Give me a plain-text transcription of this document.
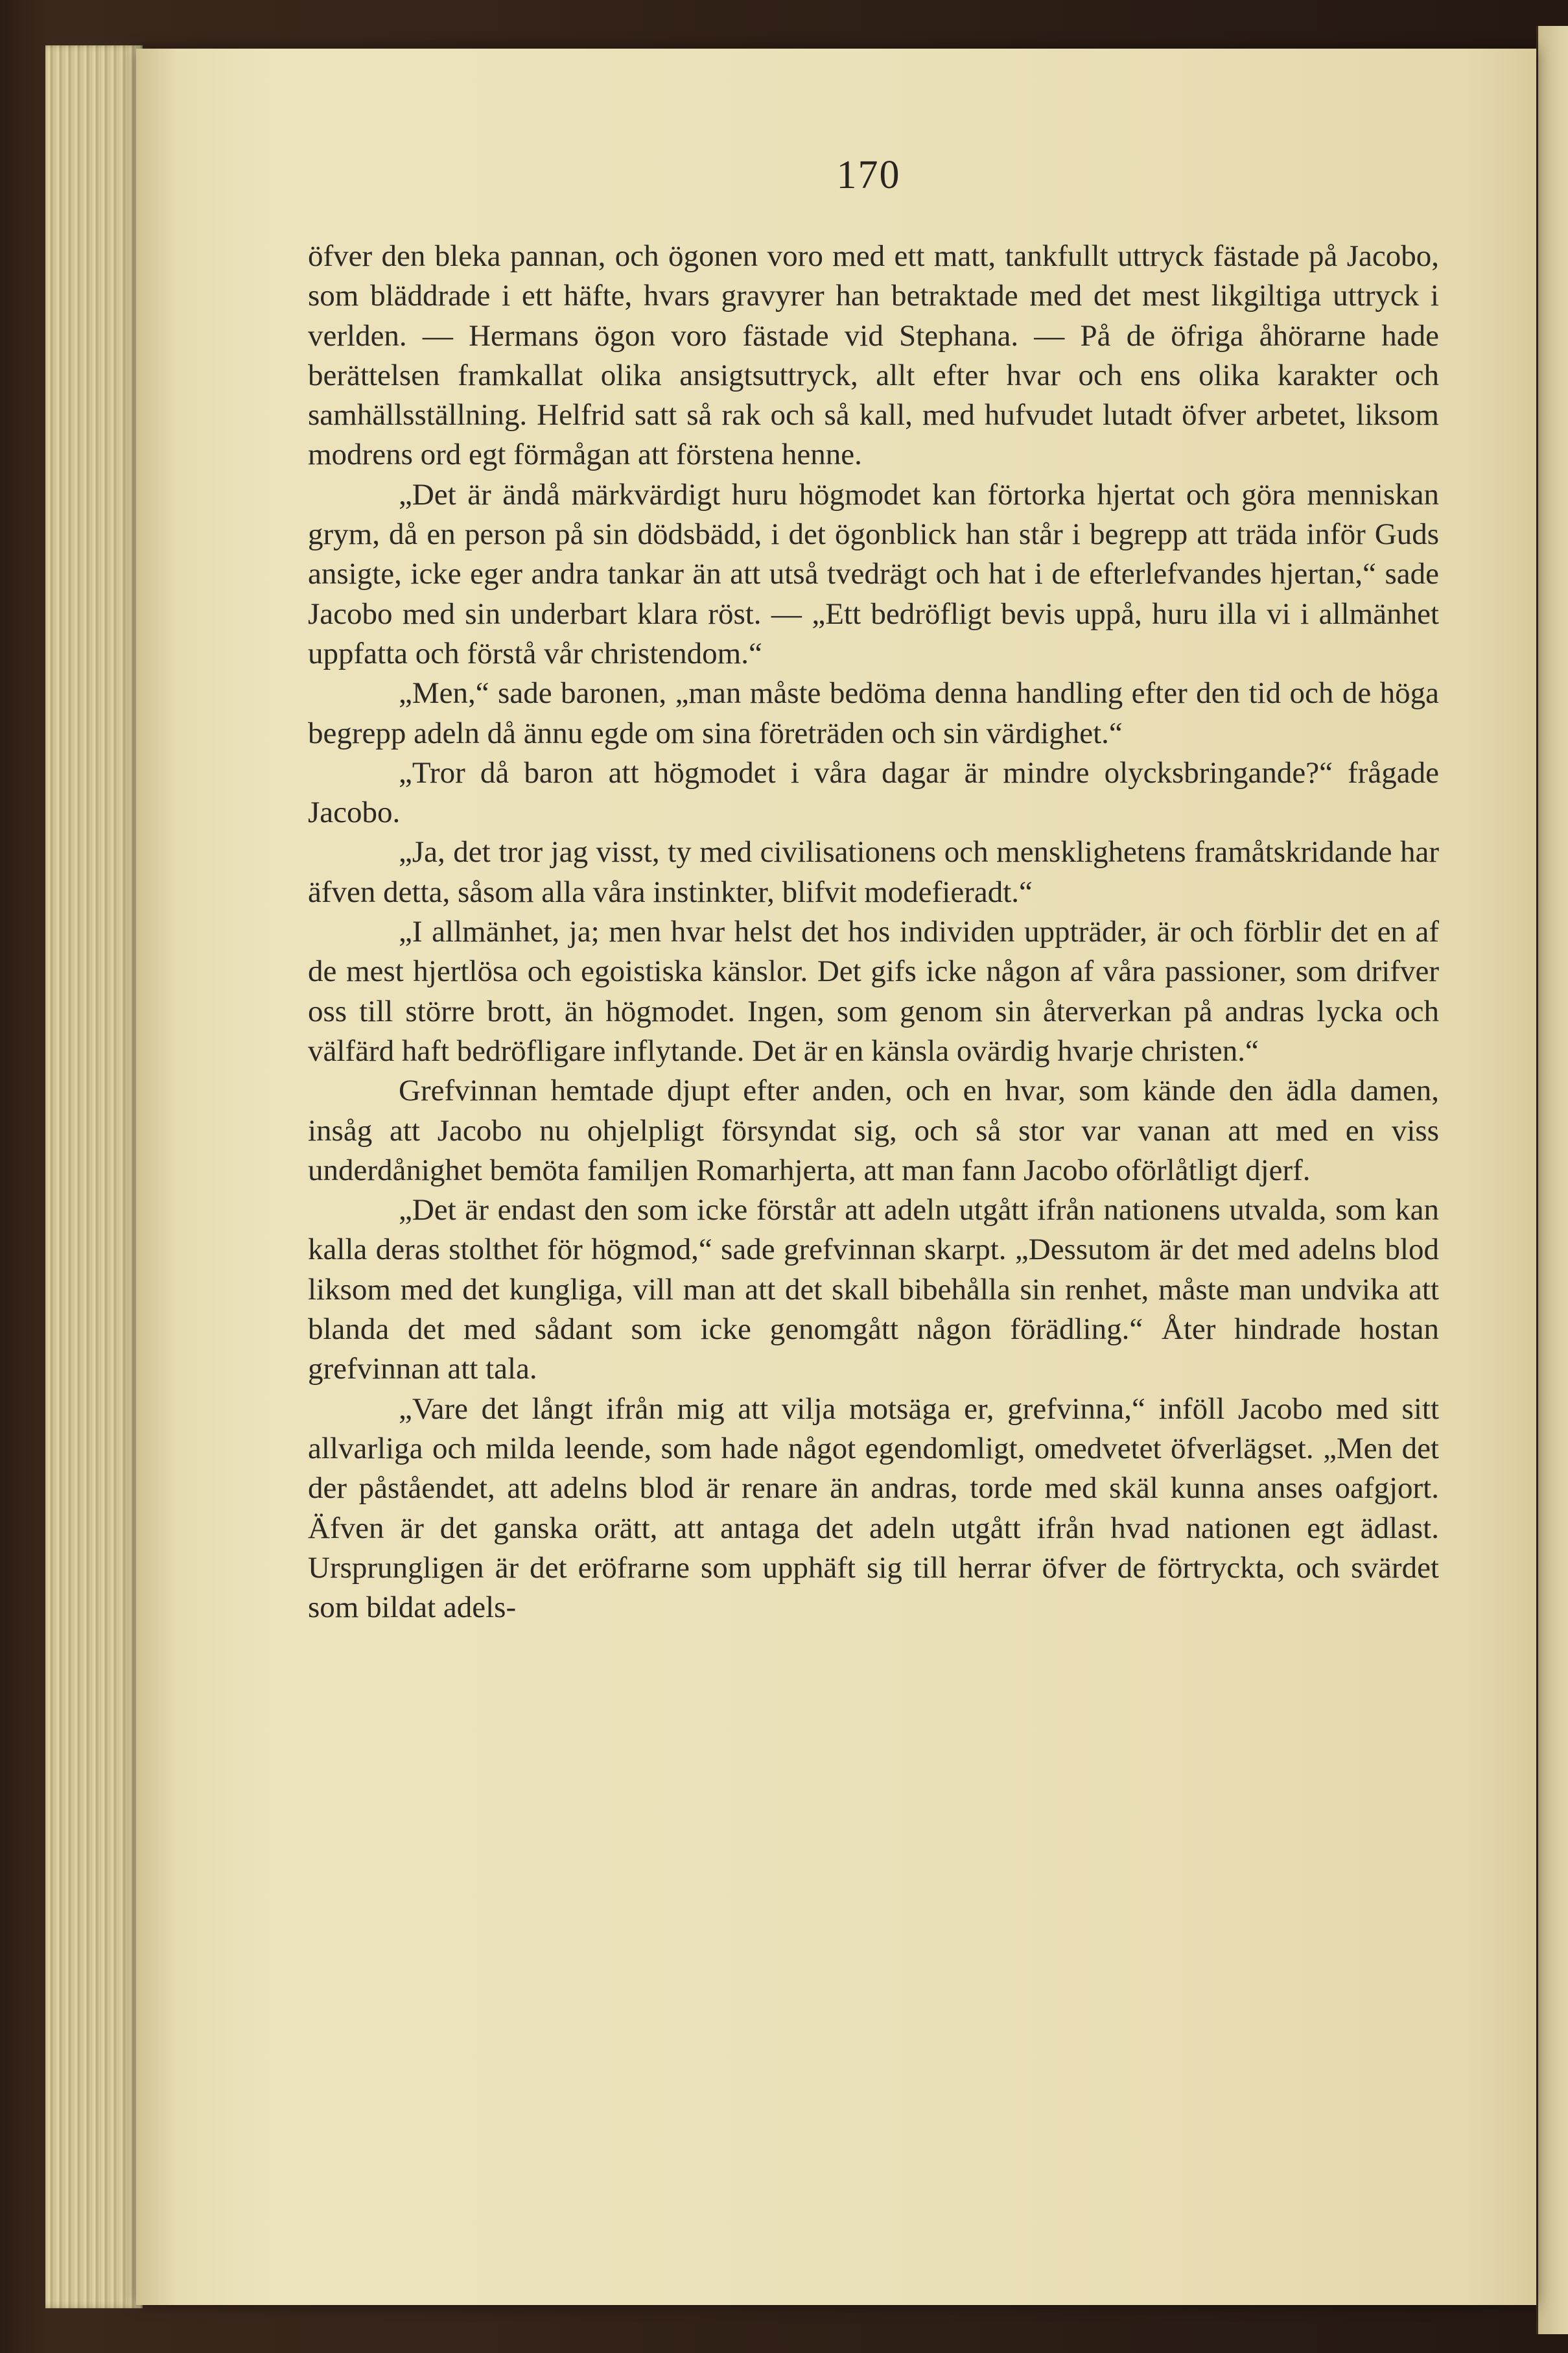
170

öfver den bleka pannan, och ögonen voro med ett matt, tankfullt uttryck fästade på Jacobo, som bläddrade i ett häfte, hvars gravyrer han betraktade med det mest likgiltiga uttryck i verlden. — Hermans ögon voro fästade vid Stephana. — På de öfriga åhörarne hade berättelsen framkallat olika ansigtsuttryck, allt efter hvar och ens olika karakter och samhällsställning. Helfrid satt så rak och så kall, med hufvudet lutadt öfver arbetet, liksom modrens ord egt förmågan att förstena henne.

„Det är ändå märkvärdigt huru högmodet kan förtorka hjertat och göra menniskan grym, då en person på sin dödsbädd, i det ögonblick han står i begrepp att träda inför Guds ansigte, icke eger andra tankar än att utså tvedrägt och hat i de efterlefvandes hjertan,“ sade Jacobo med sin underbart klara röst. — „Ett bedröfligt bevis uppå, huru illa vi i allmänhet uppfatta och förstå vår christendom.“

„Men,“ sade baronen, „man måste bedöma denna handling efter den tid och de höga begrepp adeln då ännu egde om sina företräden och sin värdighet.“

„Tror då baron att högmodet i våra dagar är mindre olycksbringande?“ frågade Jacobo.

„Ja, det tror jag visst, ty med civilisationens och mensklighetens framåtskridande har äfven detta, såsom alla våra instinkter, blifvit modefieradt.“

„I allmänhet, ja; men hvar helst det hos individen uppträder, är och förblir det en af de mest hjertlösa och egoistiska känslor. Det gifs icke någon af våra passioner, som drifver oss till större brott, än högmodet. Ingen, som genom sin återverkan på andras lycka och välfärd haft bedröfligare inflytande. Det är en känsla ovärdig hvarje christen.“

Grefvinnan hemtade djupt efter anden, och en hvar, som kände den ädla damen, insåg att Jacobo nu ohjelpligt försyndat sig, och så stor var vanan att med en viss underdånighet bemöta familjen Romarhjerta, att man fann Jacobo oförlåtligt djerf.

„Det är endast den som icke förstår att adeln utgått ifrån nationens utvalda, som kan kalla deras stolthet för högmod,“ sade grefvinnan skarpt. „Dessutom är det med adelns blod liksom med det kungliga, vill man att det skall bibehålla sin renhet, måste man undvika att blanda det med sådant som icke genomgått någon förädling.“ Åter hindrade hostan grefvinnan att tala.

„Vare det långt ifrån mig att vilja motsäga er, grefvinna,“ inföll Jacobo med sitt allvarliga och milda leende, som hade något egendomligt, omedvetet öfverlägset. „Men det der påståendet, att adelns blod är renare än andras, torde med skäl kunna anses oafgjort. Äfven är det ganska orätt, att antaga det adeln utgått ifrån hvad nationen egt ädlast. Ursprungligen är det eröfrarne som upphäft sig till herrar öfver de förtryckta, och svärdet som bildat adels-
